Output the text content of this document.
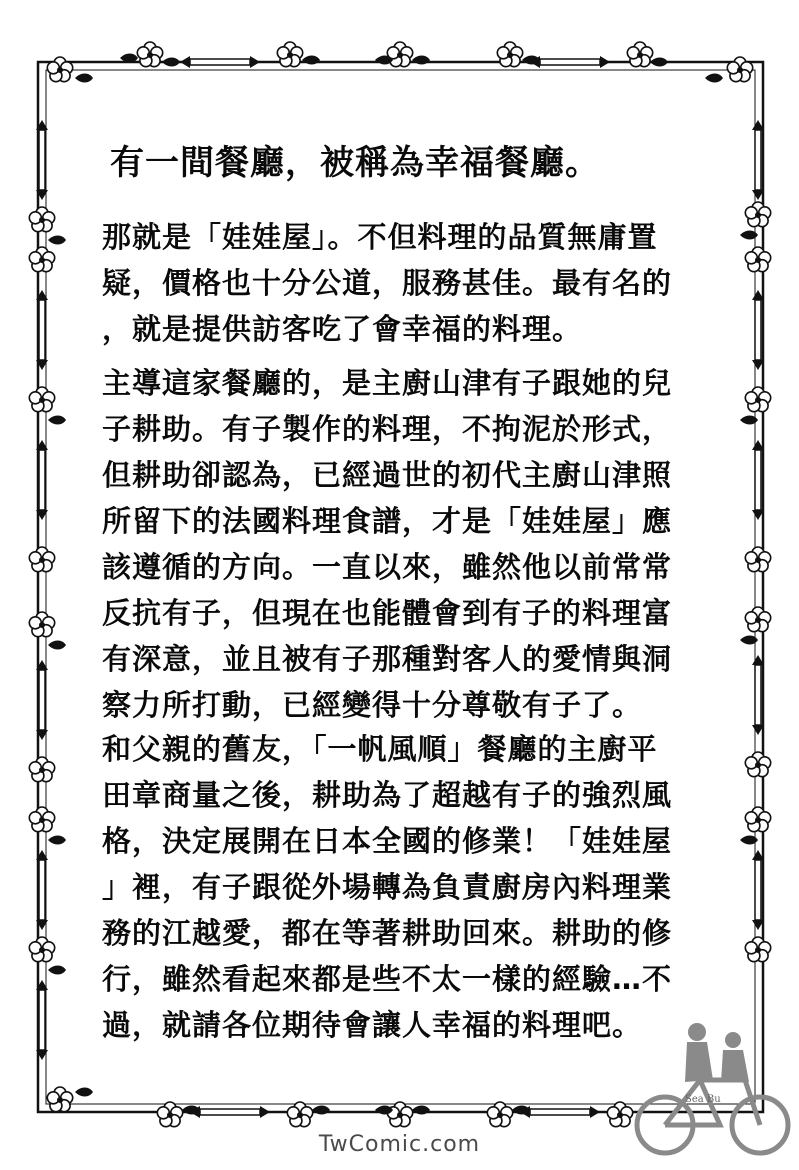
有一間餐廳，被稱為幸福餐廳。
那就是「娃娃屋」。不但料理的品質無庸置
疑，價格也十分公道，服務甚佳。最有名的
，就是提供訪客吃了會幸福的料理。
主導這家餐廳的，是主廚山津有子跟她的兒
子耕助。有子製作的料理，不拘泥於形式，
但耕助卻認為，已經過世的初代主廚山津照
所留下的法國料理食譜，才是「娃娃屋」應
該遵循的方向。一直以來，雖然他以前常常
反抗有子，但現在也能體會到有子的料理富
有深意，並且被有子那種對客人的愛情與洞
察力所打動，已經變得十分尊敬有子了。
和父親的舊友，「一帆風順」餐廳的主廚平
田章商量之後，耕助為了超越有子的強烈風
格，決定展開在日本全國的修業！「娃娃屋
」裡，有子跟從外場轉為負責廚房內料理業
務的江越愛，都在等著耕助回來。耕助的修
行，雖然看起來都是些不太一樣的經驗…不
過，就請各位期待會讓人幸福的料理吧。
Sea Bu
TwComic.com
